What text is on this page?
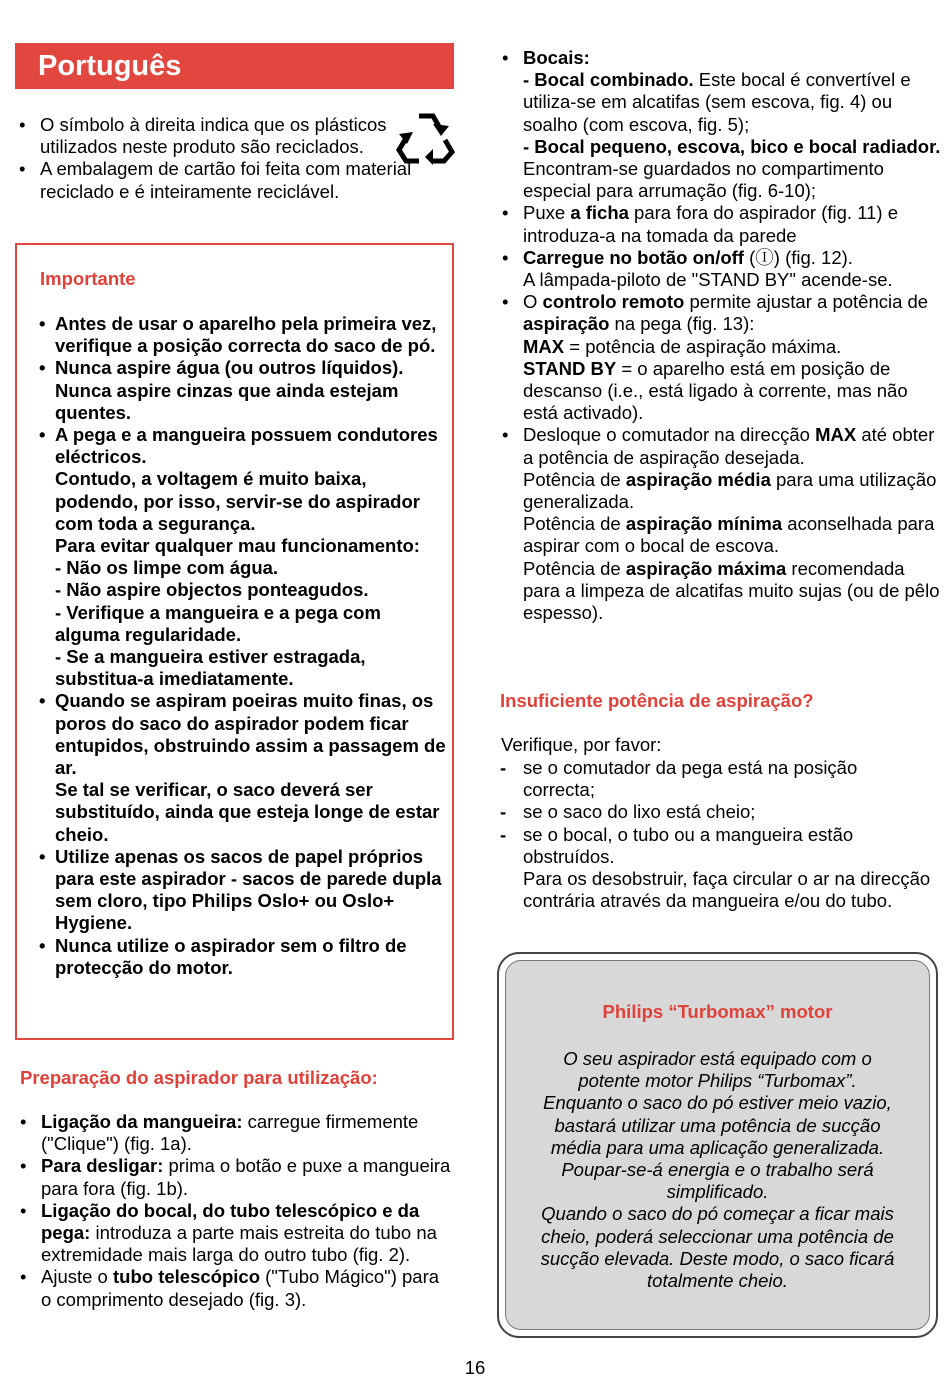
Português
• O símbolo à direita indica que os plásticos utilizados neste produto são reciclados.
• A embalagem de cartão foi feita com material reciclado e é inteiramente reciclável.
Importante
• Antes de usar o aparelho pela primeira vez, verifique a posição correcta do saco de pó.
• Nunca aspire água (ou outros líquidos). Nunca aspire cinzas que ainda estejam quentes.
• A pega e a mangueira possuem condutores eléctricos.
Contudo, a voltagem é muito baixa, podendo, por isso, servir-se do aspirador com toda a segurança.
Para evitar qualquer mau funcionamento:
- Não os limpe com água.
- Não aspire objectos ponteagudos.
- Verifique a mangueira e a pega com alguma regularidade.
- Se a mangueira estiver estragada, substitua-a imediatamente.
• Quando se aspiram poeiras muito finas, os poros do saco do aspirador podem ficar entupidos, obstruindo assim a passagem de ar.
Se tal se verificar, o saco deverá ser substituído, ainda que esteja longe de estar cheio.
• Utilize apenas os sacos de papel próprios para este aspirador - sacos de parede dupla sem cloro, tipo Philips Oslo+ ou Oslo+ Hygiene.
• Nunca utilize o aspirador sem o filtro de protecção do motor.
Preparação do aspirador para utilização:
• Ligação da mangueira: carregue firmemente ("Clique") (fig. 1a).
• Para desligar: prima o botão e puxe a mangueira para fora (fig. 1b).
• Ligação do bocal, do tubo telescópico e da pega: introduza a parte mais estreita do tubo na extremidade mais larga do outro tubo (fig. 2).
• Ajuste o tubo telescópico ("Tubo Mágico") para o comprimento desejado (fig. 3).
• Bocais:
- Bocal combinado. Este bocal é convertível e utiliza-se em alcatifas (sem escova, fig. 4) ou soalho (com escova, fig. 5);
- Bocal pequeno, escova, bico e bocal radiador. Encontram-se guardados no compartimento especial para arrumação (fig. 6-10);
• Puxe a ficha para fora do aspirador (fig. 11) e introduza-a na tomada da parede
• Carregue no botão on/off (Ⓘ) (fig. 12).
A lâmpada-piloto de "STAND BY" acende-se.
• O controlo remoto permite ajustar a potência de aspiração na pega (fig. 13):
MAX = potência de aspiração máxima.
STAND BY = o aparelho está em posição de descanso (i.e., está ligado à corrente, mas não está activado).
• Desloque o comutador na direcção MAX até obter a potência de aspiração desejada.
Potência de aspiração média para uma utilização generalizada.
Potência de aspiração mínima aconselhada para aspirar com o bocal de escova.
Potência de aspiração máxima recomendada para a limpeza de alcatifas muito sujas (ou de pêlo espesso).
Insuficiente potência de aspiração?
Verifique, por favor:
- se o comutador da pega está na posição correcta;
- se o saco do lixo está cheio;
- se o bocal, o tubo ou a mangueira estão obstruídos.
Para os desobstruir, faça circular o ar na direcção contrária através da mangueira e/ou do tubo.
Philips “Turbomax” motor
O seu aspirador está equipado com o
potente motor Philips “Turbomax”.
Enquanto o saco do pó estiver meio vazio,
bastará utilizar uma potência de sucção
média para uma aplicação generalizada.
Poupar-se-á energia e o trabalho será
simplificado.
Quando o saco do pó começar a ficar mais
cheio, poderá seleccionar uma potência de
sucção elevada. Deste modo, o saco ficará
totalmente cheio.
16
